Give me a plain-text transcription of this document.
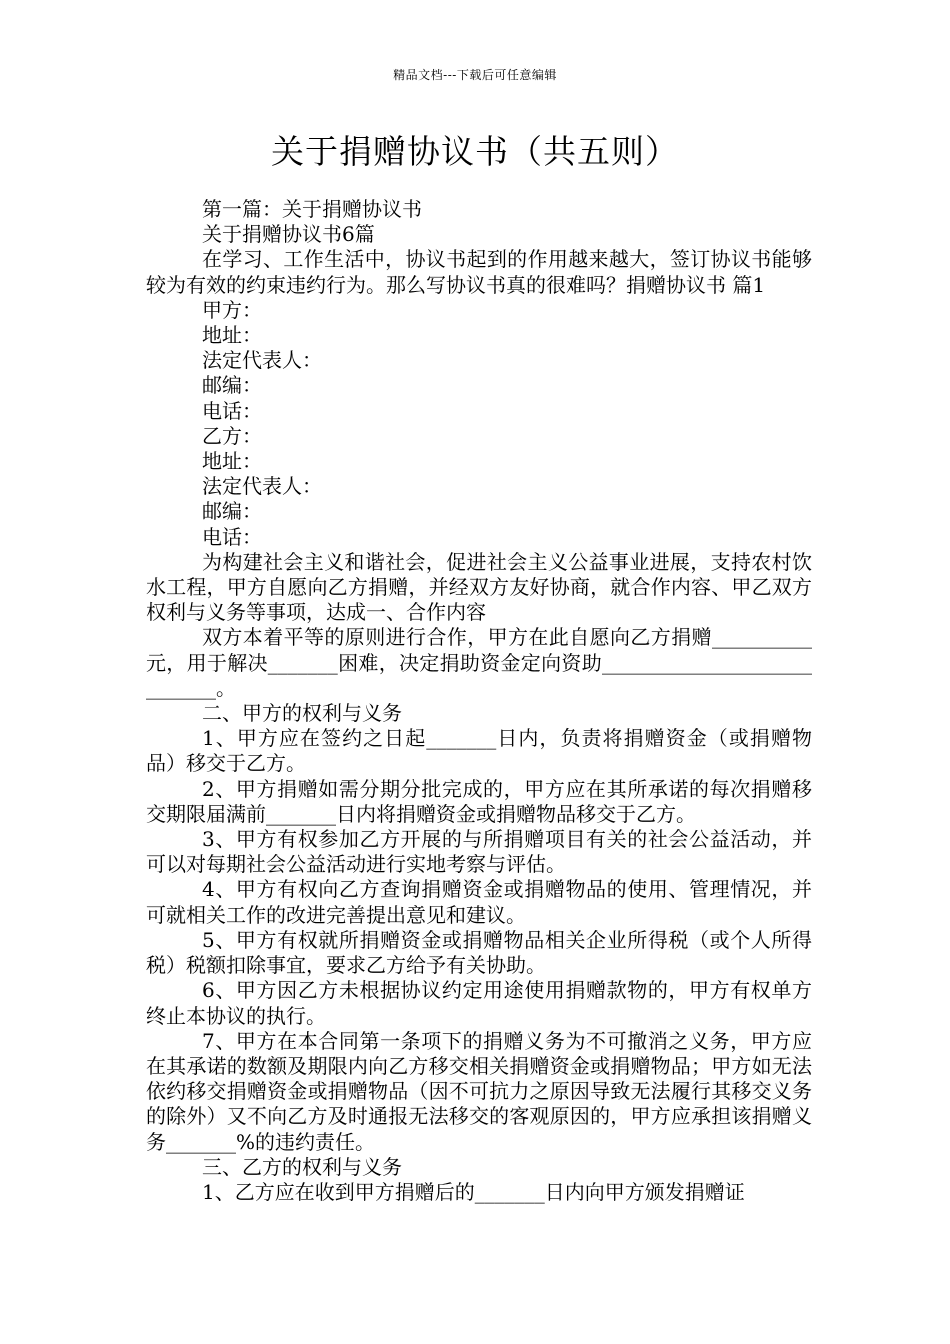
精品文档---下载后可任意编辑
关于捐赠协议书（共五则）

第一篇：关于捐赠协议书

关于捐赠协议书6篇

在学习、工作生活中，协议书起到的作用越来越大，签订协议书能够较为有效的约束违约行为。那么写协议书真的很难吗？捐赠协议书 篇1

甲方：

地址：

法定代表人：

邮编：

电话：

乙方：

地址：

法定代表人：

邮编：

电话：

为构建社会主义和谐社会，促进社会主义公益事业进展，支持农村饮水工程，甲方自愿向乙方捐赠，并经双方友好协商，就合作内容、甲乙双方权利与义务等事项，达成一、合作内容

双方本着平等的原则进行合作，甲方在此自愿向乙方捐赠__________元，用于解决_______困难，决定捐助资金定向资助____________________________。

二、甲方的权利与义务

1、甲方应在签约之日起_______日内，负责将捐赠资金（或捐赠物品）移交于乙方。

2、甲方捐赠如需分期分批完成的，甲方应在其所承诺的每次捐赠移交期限届满前_______日内将捐赠资金或捐赠物品移交于乙方。

3、甲方有权参加乙方开展的与所捐赠项目有关的社会公益活动，并可以对每期社会公益活动进行实地考察与评估。

4、甲方有权向乙方查询捐赠资金或捐赠物品的使用、管理情况，并可就相关工作的改进完善提出意见和建议。

5、甲方有权就所捐赠资金或捐赠物品相关企业所得税（或个人所得税）税额扣除事宜，要求乙方给予有关协助。

6、甲方因乙方未根据协议约定用途使用捐赠款物的，甲方有权单方终止本协议的执行。

7、甲方在本合同第一条项下的捐赠义务为不可撤消之义务，甲方应在其承诺的数额及期限内向乙方移交相关捐赠资金或捐赠物品；甲方如无法依约移交捐赠资金或捐赠物品（因不可抗力之原因导致无法履行其移交义务的除外）又不向乙方及时通报无法移交的客观原因的，甲方应承担该捐赠义务_______%的违约责任。

三、乙方的权利与义务

1、乙方应在收到甲方捐赠后的_______日内向甲方颁发捐赠证
